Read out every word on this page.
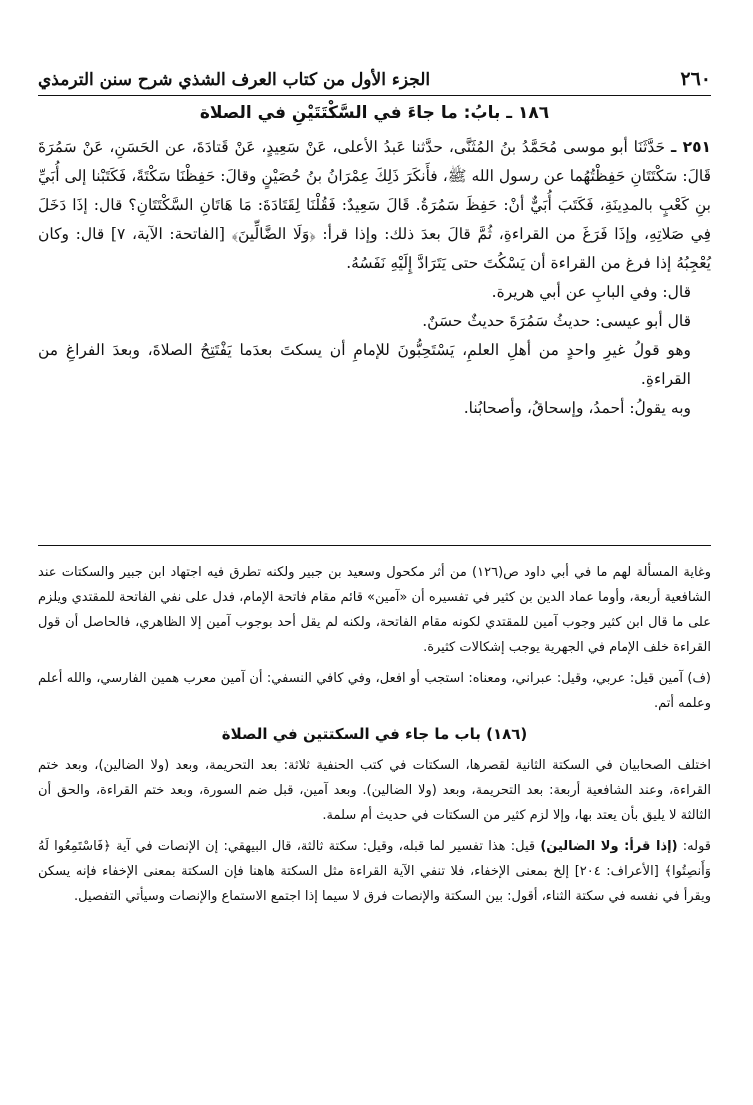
٢٦٠
الجزء الأول من كتاب العرف الشذي شرح سنن الترمذي
١٨٦ ـ بابُ: ما جاءَ في السَّكْتَتَيْنِ في الصلاة

٢٥١ ـ حَدَّثَنَا أبو موسى مُحَمَّدُ بنُ المُثَنَّى، حدَّثنا عَبدُ الأعلى، عَنْ سَعِيدٍ، عَنْ قَتادَةَ، عن الحَسَنِ، عَنْ سَمُرَةَ قَالَ: سَكْتَتَانِ حَفِظْتُهُما عن رسول الله ﷺ، فأَنكَرَ ذَلِكَ عِمْرَانُ بنُ حُصَيْنٍ وقالَ: حَفِظْنَا سَكْتَةً، فَكَتَبْنا إلى أُبَيِّ بنِ كَعْبٍ بالمدِينَةِ، فَكَتَبَ أُبَيٌّ أنْ: حَفِظَ سَمُرَةُ. قَالَ سَعِيدٌ: فَقُلْنَا لِقَتَادَةَ: مَا هَاتَانِ السَّكْتَتَانِ؟ قال: إذَا دَخَلَ فِي صَلاتِهِ، وإذَا فَرَغَ من القراءةِ، ثُمَّ قالَ بعدَ ذلك: وإذا قرأ: ﴿وَلَا الضَّالِّينَ﴾ [الفاتحة: الآية، ٧] قال: وكان يُعْجِبُهُ إذا فرغ من القراءة أن يَسْكُتَ حتى يَتَرَادَّ إِلَيْهِ نَفَسُهُ.

قال: وفي البابِ عن أبي هريرة.

قال أبو عيسى: حديثُ سَمُرَةَ حديثٌ حسَنٌ.

وهو قولُ غيرِ واحدٍ من أهلِ العلمِ، يَسْتَحِبُّونَ للإمامِ أن يسكتَ بعدَما يَفْتَتِحُ الصلاةَ، وبعدَ الفراغِ من القراءةِ.

وبه يقولُ: أحمدُ، وإسحاقُ، وأصحابُنا.

وغاية المسألة لهم ما في أبي داود ص(١٢٦) من أثر مكحول وسعيد بن جبير ولكنه تطرق فيه اجتهاد ابن جبير والسكتات عند الشافعية أربعة، وأوما عماد الدين بن كثير في تفسيره أن «آمين» قائم مقام فاتحة الإمام، فدل على نفي الفاتحة للمقتدي ويلزم على ما قال ابن كثير وجوب آمين للمقتدي لكونه مقام الفاتحة، ولكنه لم يقل أحد بوجوب آمين إلا الظاهري، فالحاصل أن قول القراءة خلف الإمام في الجهرية يوجب إشكالات كثيرة.

(ف) آمين قيل: عربي، وقيل: عبراني، ومعناه: استجب أو افعل، وفي كافي النسفي: أن آمين معرب همين الفارسي، والله أعلم وعلمه أتم.

(١٨٦) باب ما جاء في السكتتين في الصلاة

اختلف الصحابيان في السكتة الثانية لقصرها، السكتات في كتب الحنفية ثلاثة: بعد التحريمة، وبعد (ولا الضالين)، وبعد ختم القراءة، وعند الشافعية أربعة: بعد التحريمة، وبعد (ولا الضالين). وبعد آمين، قبل ضم السورة، وبعد ختم القراءة، والحق أن الثالثة لا يليق بأن يعتد بها، وإلا لزم كثير من السكتات في حديث أم سلمة.

قوله: (إذا قرأ: ولا الضالين) قيل: هذا تفسير لما قبله، وقيل: سكتة ثالثة، قال البيهقي: إن الإنصات في آية ﴿فَاسْتَمِعُوا لَهُ وَأَنصِتُوا﴾ [الأعراف: ٢٠٤] إلخ بمعنى الإخفاء، فلا تنفي الآية القراءة مثل السكتة هاهنا فإن السكتة بمعنى الإخفاء فإنه يسكن ويقرأ في نفسه في سكتة الثناء، أقول: بين السكتة والإنصات فرق لا سيما إذا اجتمع الاستماع والإنصات وسيأتي التفصيل.
